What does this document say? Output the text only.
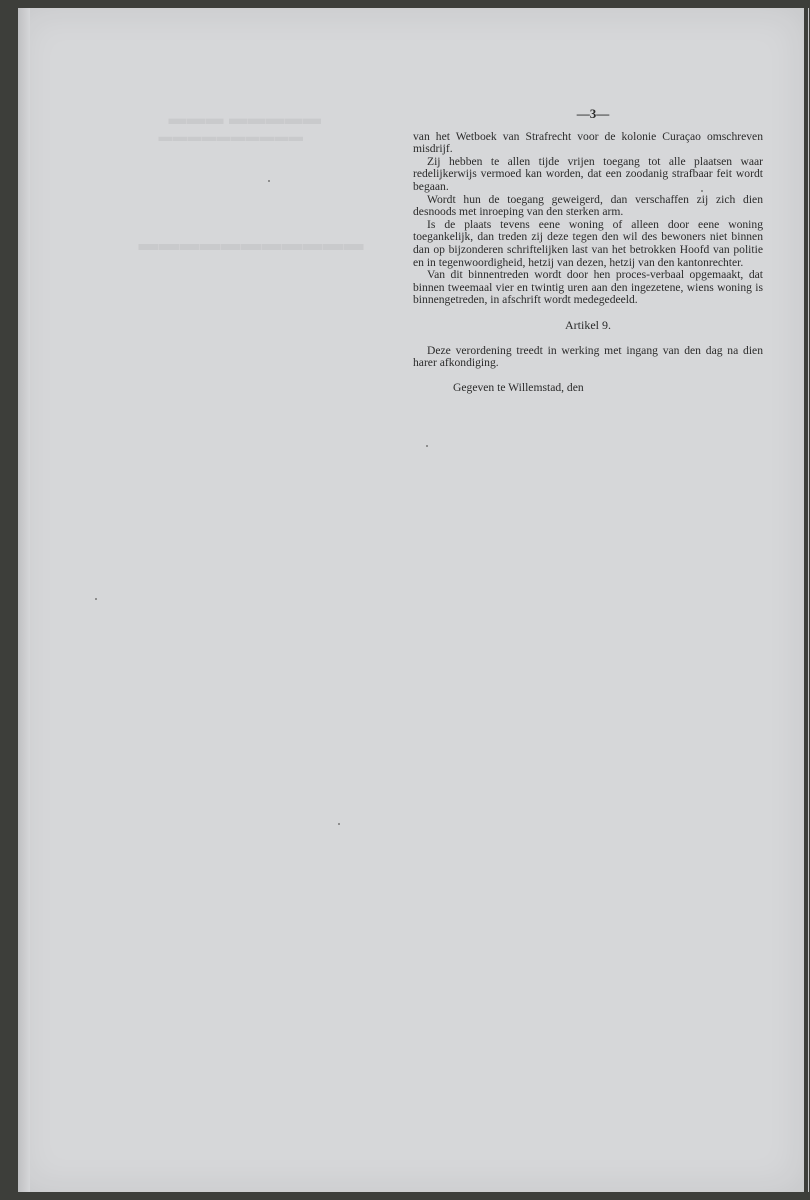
▬▬▬▬▬ ▬▬▬
▬▬▬▬▬▬▬▬▬▬
▬▬▬▬▬▬▬▬▬▬▬
—3—

van het Wetboek van Strafrecht voor de kolonie Curaçao omschreven misdrijf.

Zij hebben te allen tijde vrijen toegang tot alle plaatsen waar redelijkerwijs vermoed kan worden, dat een zoodanig strafbaar feit wordt begaan.

Wordt hun de toegang geweigerd, dan verschaffen zij zich dien desnoods met inroeping van den sterken arm.

Is de plaats tevens eene woning of alleen door eene woning toegankelijk, dan treden zij deze tegen den wil des bewoners niet binnen dan op bijzonderen schriftelijken last van het betrokken Hoofd van politie en in tegenwoordigheid, hetzij van dezen, hetzij van den kantonrechter.

Van dit binnentreden wordt door hen proces-verbaal opgemaakt, dat binnen tweemaal vier en twintig uren aan den ingezetene, wiens woning is binnengetreden, in afschrift wordt medegedeeld.

Artikel 9.

Deze verordening treedt in werking met ingang van den dag na dien harer afkondiging.

Gegeven te Willemstad, den
